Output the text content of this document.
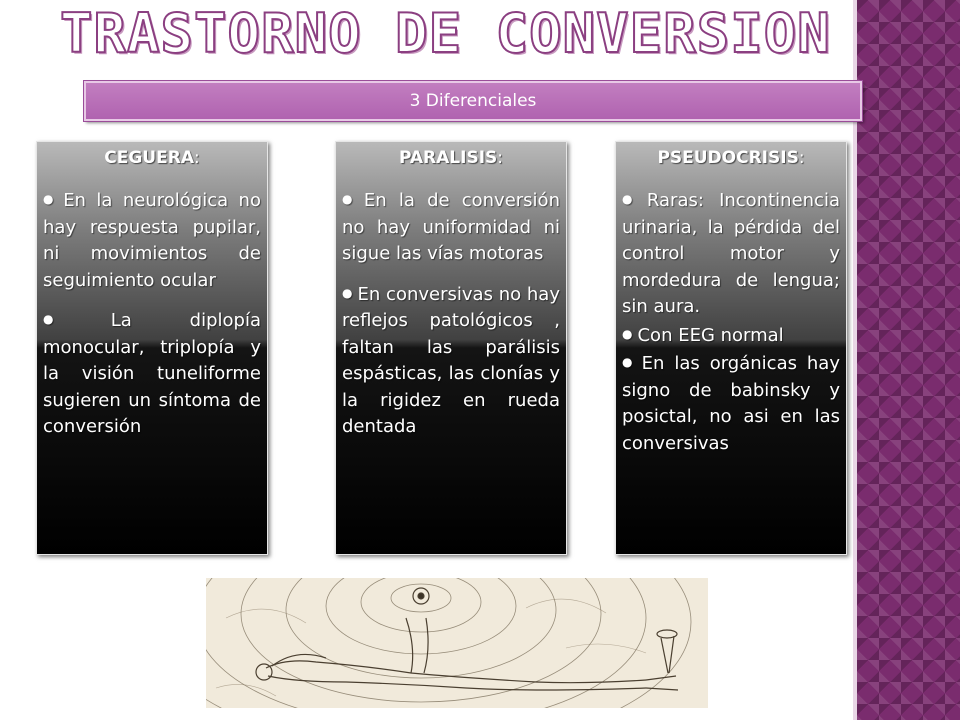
TRASTORNO DE CONVERSION
3 Diferenciales
CEGUERA:
● En la neurológica no hay respuesta pupilar, ni movimientos de seguimiento ocular
● La diplopía monocular, triplopía y la visión tuneliforme sugieren un síntoma de conversión
PARALISIS:
● En la de conversión no hay uniformidad ni sigue las vías motoras
● En conversivas no hay reflejos patológicos , faltan las parálisis espásticas, las clonías y la rigidez en rueda dentada
PSEUDOCRISIS:
● Raras: Incontinencia urinaria, la pérdida del control motor y mordedura de lengua; sin aura.
● Con EEG normal
● En las orgánicas hay signo de babinsky y posictal, no asi en las conversivas
